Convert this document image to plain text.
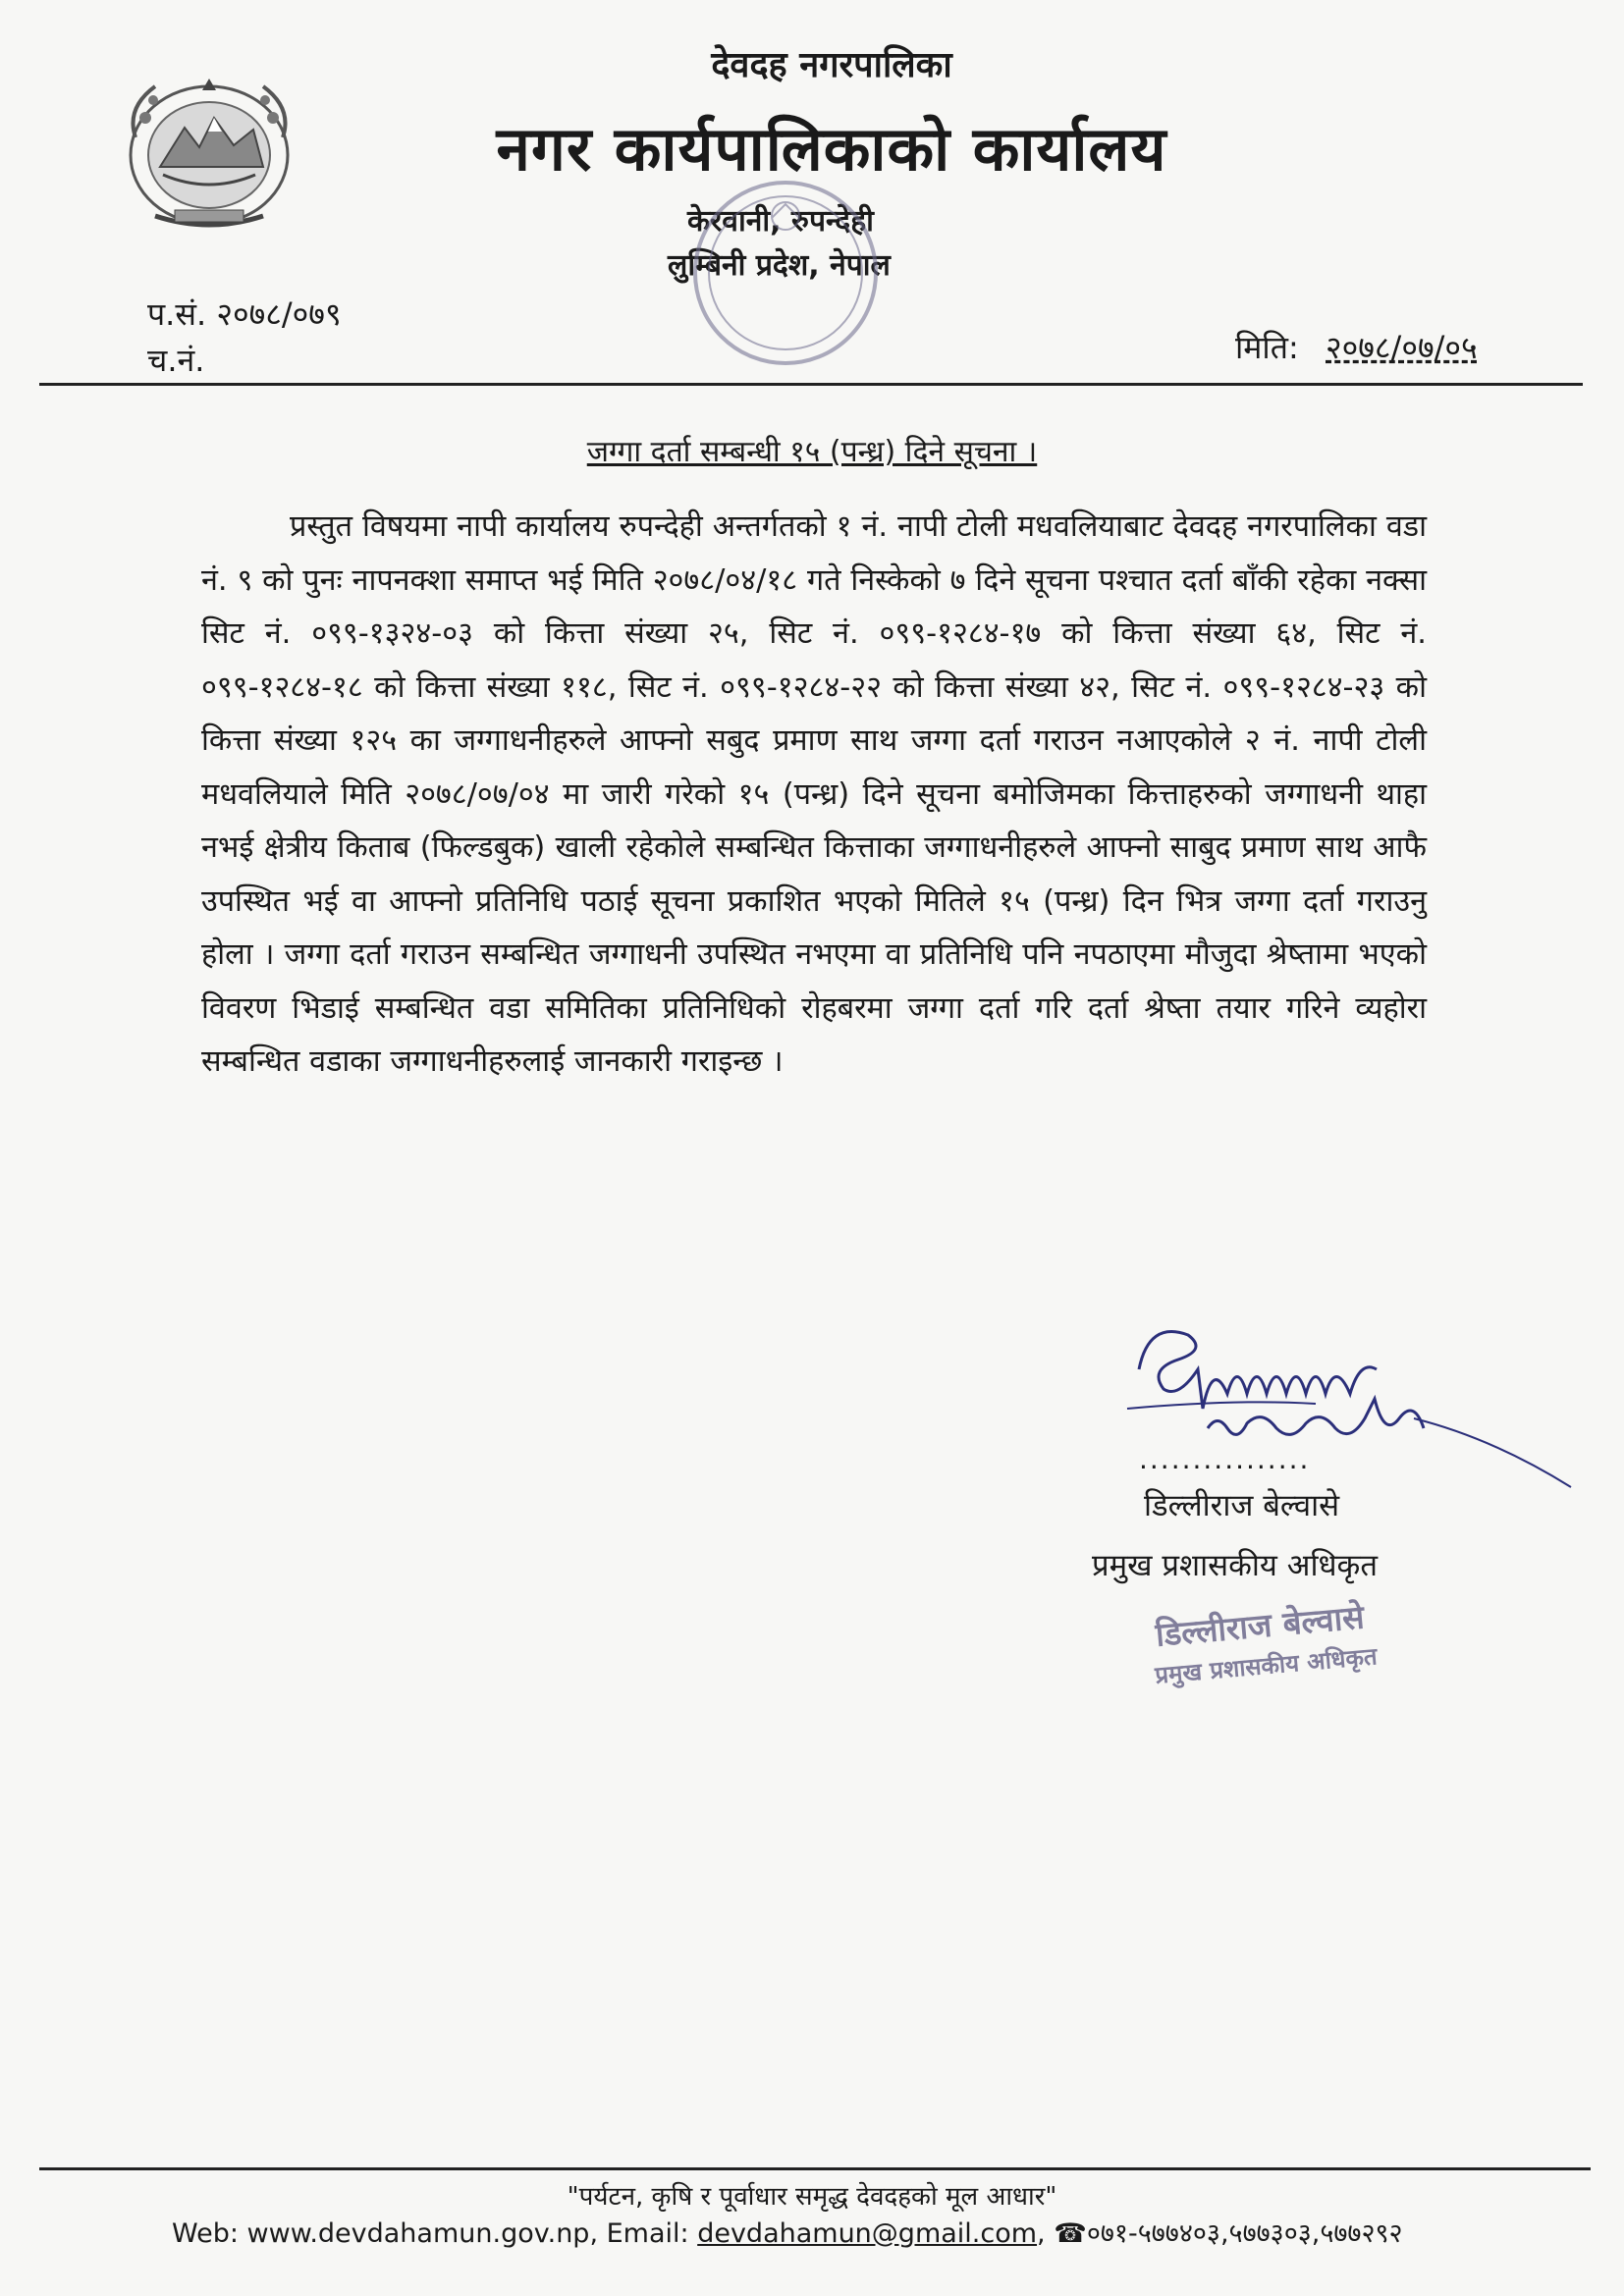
देवदह नगरपालिका
नगर कार्यपालिकाको कार्यालय
केरवानी, रुपन्देही
लुम्बिनी प्रदेश, नेपाल
प.सं. २०७८/०७९
च.नं.	मिति: २०७८/०७/०५
जग्गा दर्ता सम्बन्धी १५ (पन्ध्र) दिने सूचना ।
प्रस्तुत विषयमा नापी कार्यालय रुपन्देही अन्तर्गतको १ नं. नापी टोली मधवलियाबाट देवदह नगरपालिका वडा नं. ९ को पुनः नापनक्शा समाप्त भई मिति २०७८/०४/१८ गते निस्केको ७ दिने सूचना पश्चात दर्ता बाँकी रहेका नक्सा सिट नं. ०९९-१३२४-०३ को कित्ता संख्या २५, सिट नं. ०९९-१२८४-१७ को कित्ता संख्या ६४, सिट नं. ०९९-१२८४-१८ को कित्ता संख्या ११८, सिट नं. ०९९-१२८४-२२ को कित्ता संख्या ४२, सिट नं. ०९९-१२८४-२३ को कित्ता संख्या १२५ का जग्गाधनीहरुले आफ्नो सबुद प्रमाण साथ जग्गा दर्ता गराउन नआएकोले २ नं. नापी टोली मधवलियाले मिति २०७८/०७/०४ मा जारी गरेको १५ (पन्ध्र) दिने सूचना बमोजिमका कित्ताहरुको जग्गाधनी थाहा नभई क्षेत्रीय किताब (फिल्डबुक) खाली रहेकोले सम्बन्धित कित्ताका जग्गाधनीहरुले आफ्नो साबुद प्रमाण साथ आफै उपस्थित भई वा आफ्नो प्रतिनिधि पठाई सूचना प्रकाशित भएको मितिले १५ (पन्ध्र) दिन भित्र जग्गा दर्ता गराउनु होला । जग्गा दर्ता गराउन सम्बन्धित जग्गाधनी उपस्थित नभएमा वा प्रतिनिधि पनि नपठाएमा मौजुदा श्रेष्तामा भएको विवरण भिडाई सम्बन्धित वडा समितिका प्रतिनिधिको रोहबरमा जग्गा दर्ता गरि दर्ता श्रेष्ता तयार गरिने व्यहोरा सम्बन्धित वडाका जग्गाधनीहरुलाई जानकारी गराइन्छ ।
................
डिल्लीराज बेल्वासे
प्रमुख प्रशासकीय अधिकृत
डिल्लीराज बेल्वासे
प्रमुख प्रशासकीय अधिकृत
"पर्यटन, कृषि र पूर्वाधार समृद्ध देवदहको मूल आधार"
Web: www.devdahamun.gov.np, Email: devdahamun@gmail.com, ☎०७१-५७७४०३,५७७३०३,५७७२९२
